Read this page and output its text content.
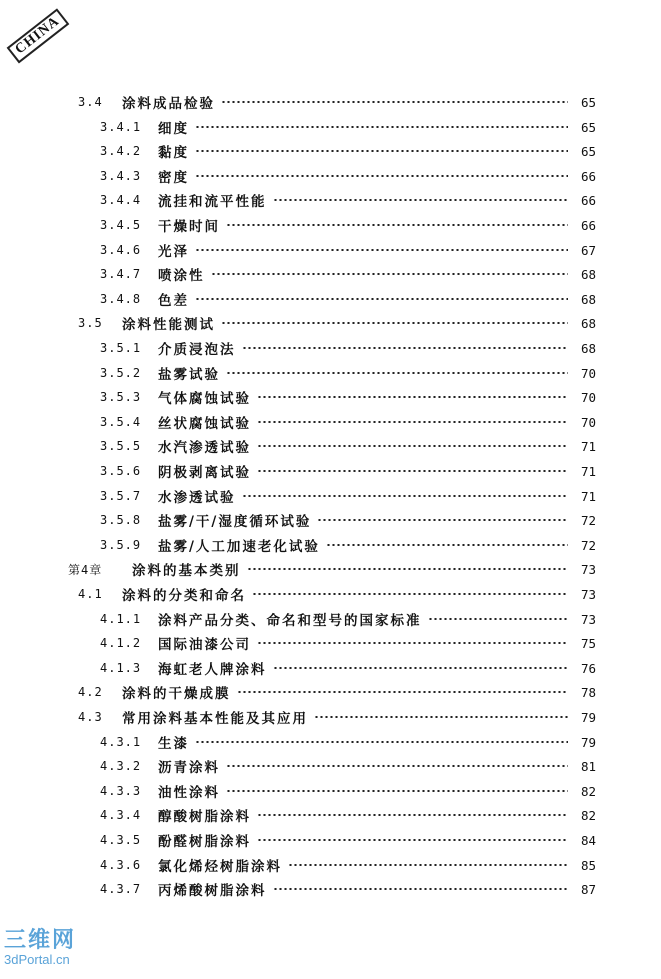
CHINA
3.4	涂料成品检验	65
3.4.1	细度	65
3.4.2	黏度	65
3.4.3	密度	66
3.4.4	流挂和流平性能	66
3.4.5	干燥时间	66
3.4.6	光泽	67
3.4.7	喷涂性	68
3.4.8	色差	68
3.5	涂料性能测试	68
3.5.1	介质浸泡法	68
3.5.2	盐雾试验	70
3.5.3	气体腐蚀试验	70
3.5.4	丝状腐蚀试验	70
3.5.5	水汽渗透试验	71
3.5.6	阴极剥离试验	71
3.5.7	水渗透试验	71
3.5.8	盐雾/干/湿度循环试验	72
3.5.9	盐雾/人工加速老化试验	72
第4章	涂料的基本类别	73
4.1	涂料的分类和命名	73
4.1.1	涂料产品分类、命名和型号的国家标准	73
4.1.2	国际油漆公司	75
4.1.3	海虹老人牌涂料	76
4.2	涂料的干燥成膜	78
4.3	常用涂料基本性能及其应用	79
4.3.1	生漆	79
4.3.2	沥青涂料	81
4.3.3	油性涂料	82
4.3.4	醇酸树脂涂料	82
4.3.5	酚醛树脂涂料	84
4.3.6	氯化烯烃树脂涂料	85
4.3.7	丙烯酸树脂涂料	87
三维网
3dPortal.cn
